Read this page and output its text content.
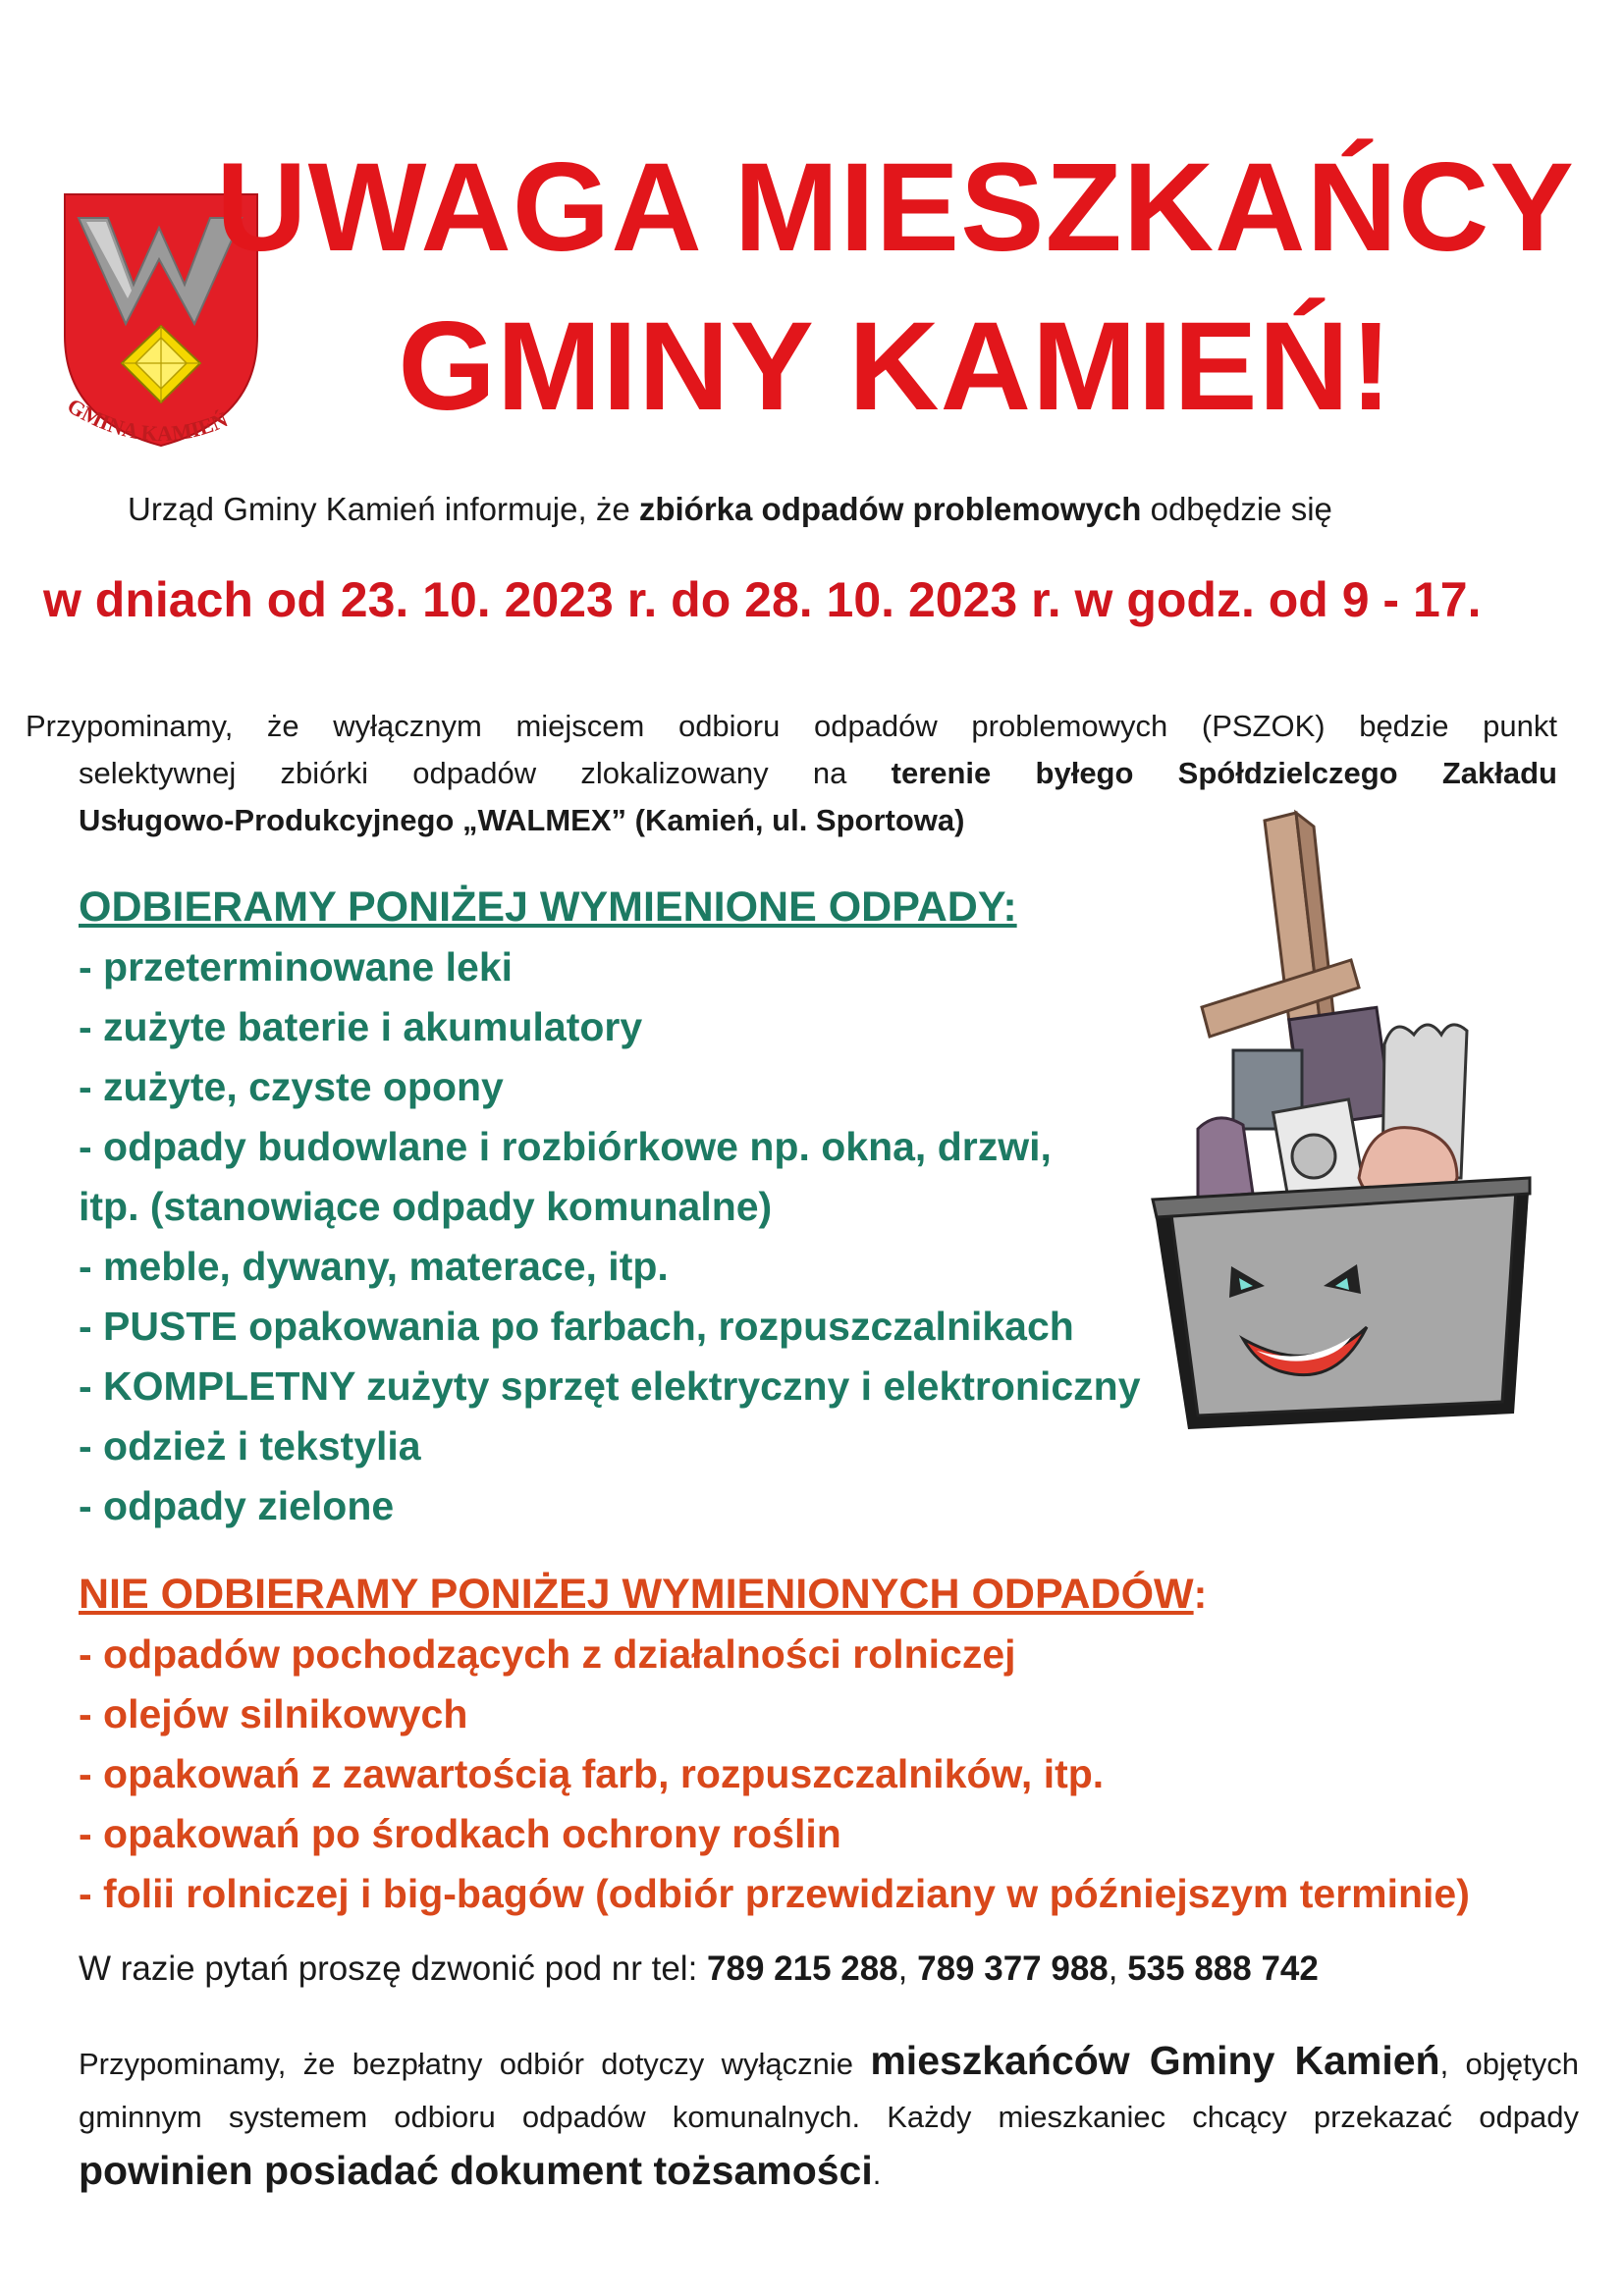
GMINA KAMIEŃ
UWAGA MIESZKAŃCY
GMINY KAMIEŃ!
Urząd Gminy Kamień informuje, że zbiórka odpadów problemowych odbędzie się
w dniach od 23. 10. 2023 r. do 28. 10. 2023 r. w godz. od 9 - 17.
Przypominamy, że wyłącznym miejscem odbioru odpadów problemowych (PSZOK) będzie punkt
selektywnej zbiórki odpadów zlokalizowany na terenie byłego Spółdzielczego Zakładu
Usługowo-Produkcyjnego „WALMEX” (Kamień, ul. Sportowa)
ODBIERAMY PONIŻEJ WYMIENIONE ODPADY:
- przeterminowane leki
- zużyte baterie i akumulatory
- zużyte, czyste opony
- odpady budowlane i rozbiórkowe np. okna, drzwi,
itp. (stanowiące odpady komunalne)
- meble, dywany, materace, itp.
- PUSTE opakowania po farbach, rozpuszczalnikach
- KOMPLETNY zużyty sprzęt elektryczny i elektroniczny
- odzież i tekstylia
- odpady zielone
NIE ODBIERAMY PONIŻEJ WYMIENIONYCH ODPADÓW:
- odpadów pochodzących z działalności rolniczej
- olejów silnikowych
- opakowań z zawartością farb, rozpuszczalników, itp.
- opakowań po środkach ochrony roślin
- folii rolniczej i big-bagów (odbiór przewidziany w późniejszym terminie)
W razie pytań proszę dzwonić pod nr tel: 789 215 288, 789 377 988, 535 888 742
Przypominamy, że bezpłatny odbiór dotyczy wyłącznie mieszkańców Gminy Kamień, objętych gminnym systemem odbioru odpadów komunalnych. Każdy mieszkaniec chcący przekazać odpady powinien posiadać dokument tożsamości.
